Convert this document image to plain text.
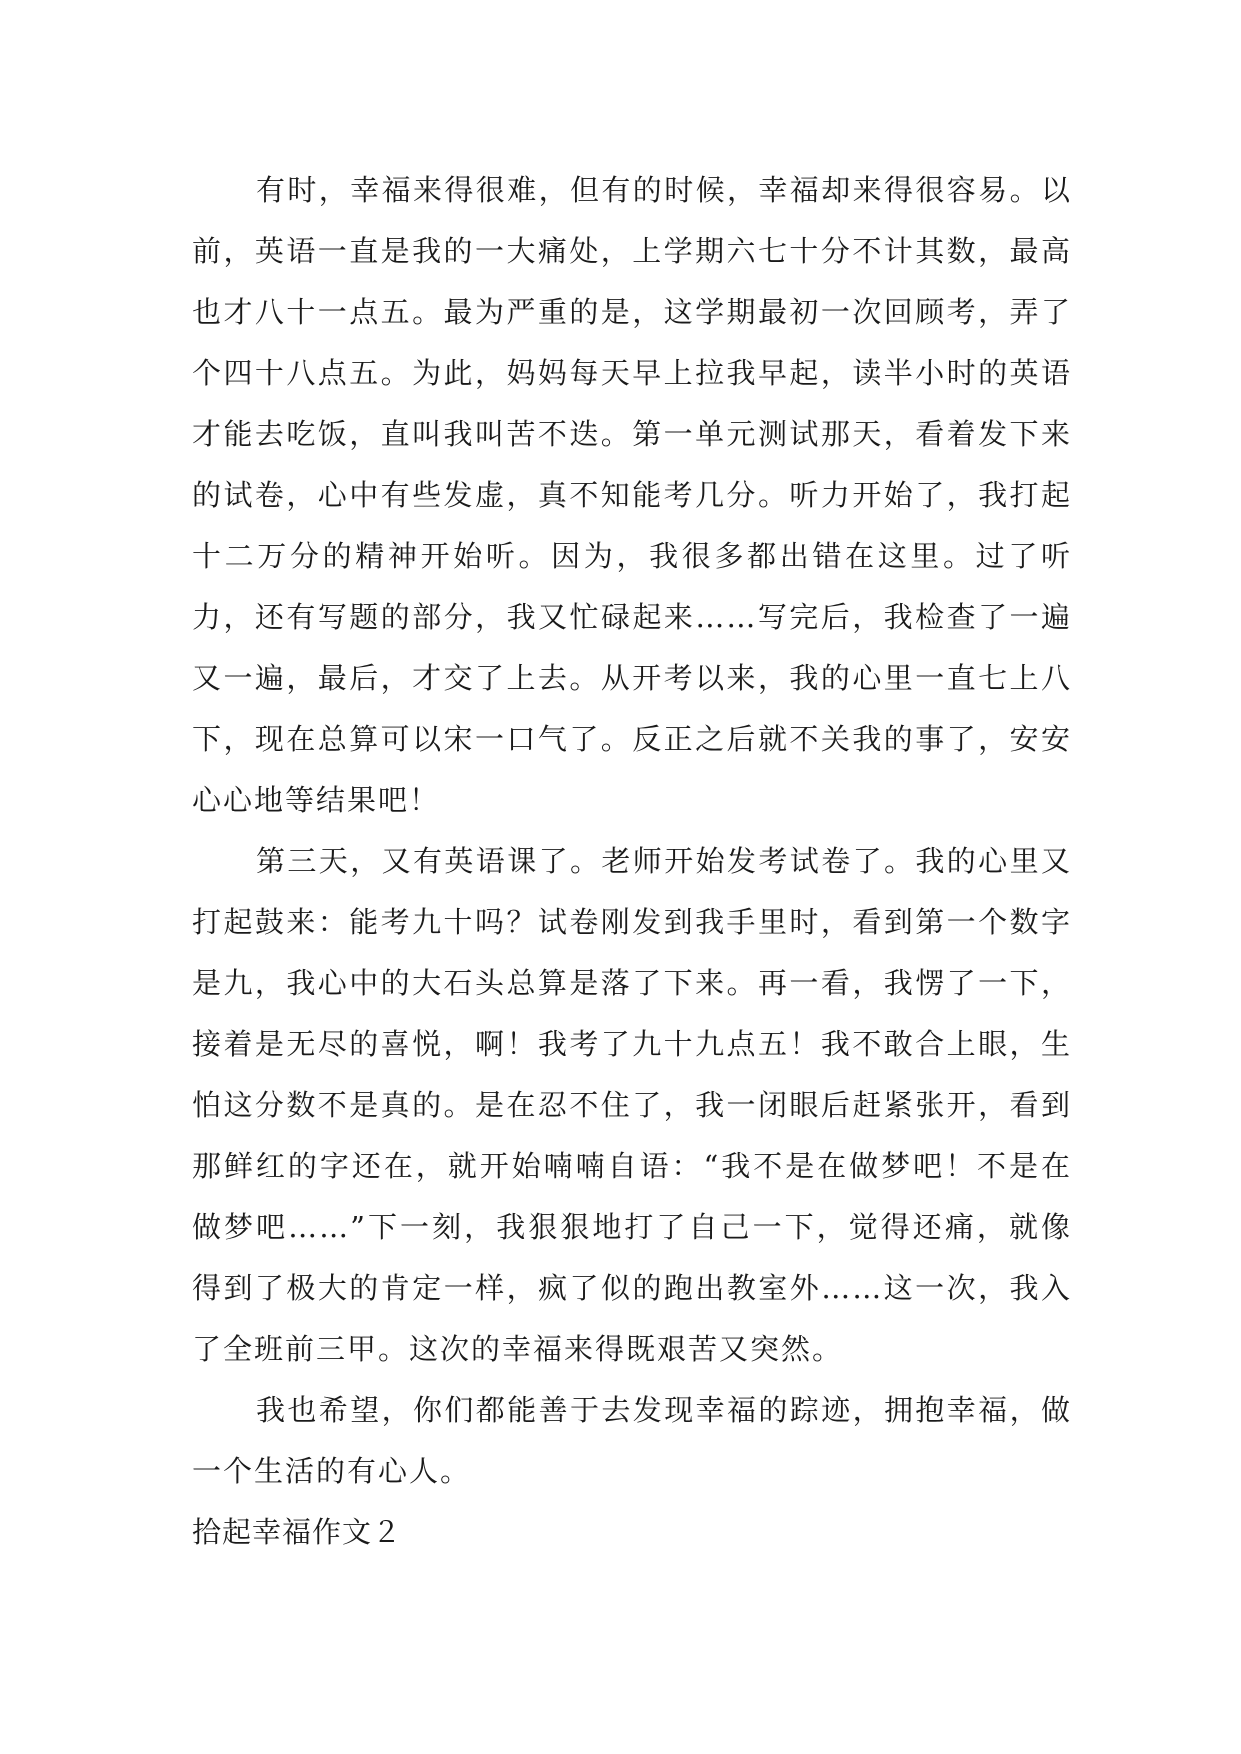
有时，幸福来得很难，但有的时候，幸福却来得很容易。以前，英语一直是我的一大痛处，上学期六七十分不计其数，最高也才八十一点五。最为严重的是，这学期最初一次回顾考，弄了个四十八点五。为此，妈妈每天早上拉我早起，读半小时的英语才能去吃饭，直叫我叫苦不迭。第一单元测试那天，看着发下来的试卷，心中有些发虚，真不知能考几分。听力开始了，我打起十二万分的精神开始听。因为，我很多都出错在这里。过了听力，还有写题的部分，我又忙碌起来……写完后，我检查了一遍又一遍，最后，才交了上去。从开考以来，我的心里一直七上八下，现在总算可以宋一口气了。反正之后就不关我的事了，安安心心地等结果吧！

第三天，又有英语课了。老师开始发考试卷了。我的心里又打起鼓来：能考九十吗？试卷刚发到我手里时，看到第一个数字是九，我心中的大石头总算是落了下来。再一看，我愣了一下，接着是无尽的喜悦，啊！我考了九十九点五！我不敢合上眼，生怕这分数不是真的。是在忍不住了，我一闭眼后赶紧张开，看到那鲜红的字还在，就开始喃喃自语：“我不是在做梦吧！不是在做梦吧……”下一刻，我狠狠地打了自己一下，觉得还痛，就像得到了极大的肯定一样，疯了似的跑出教室外……这一次，我入了全班前三甲。这次的幸福来得既艰苦又突然。

我也希望，你们都能善于去发现幸福的踪迹，拥抱幸福，做一个生活的有心人。

拾起幸福作文２
